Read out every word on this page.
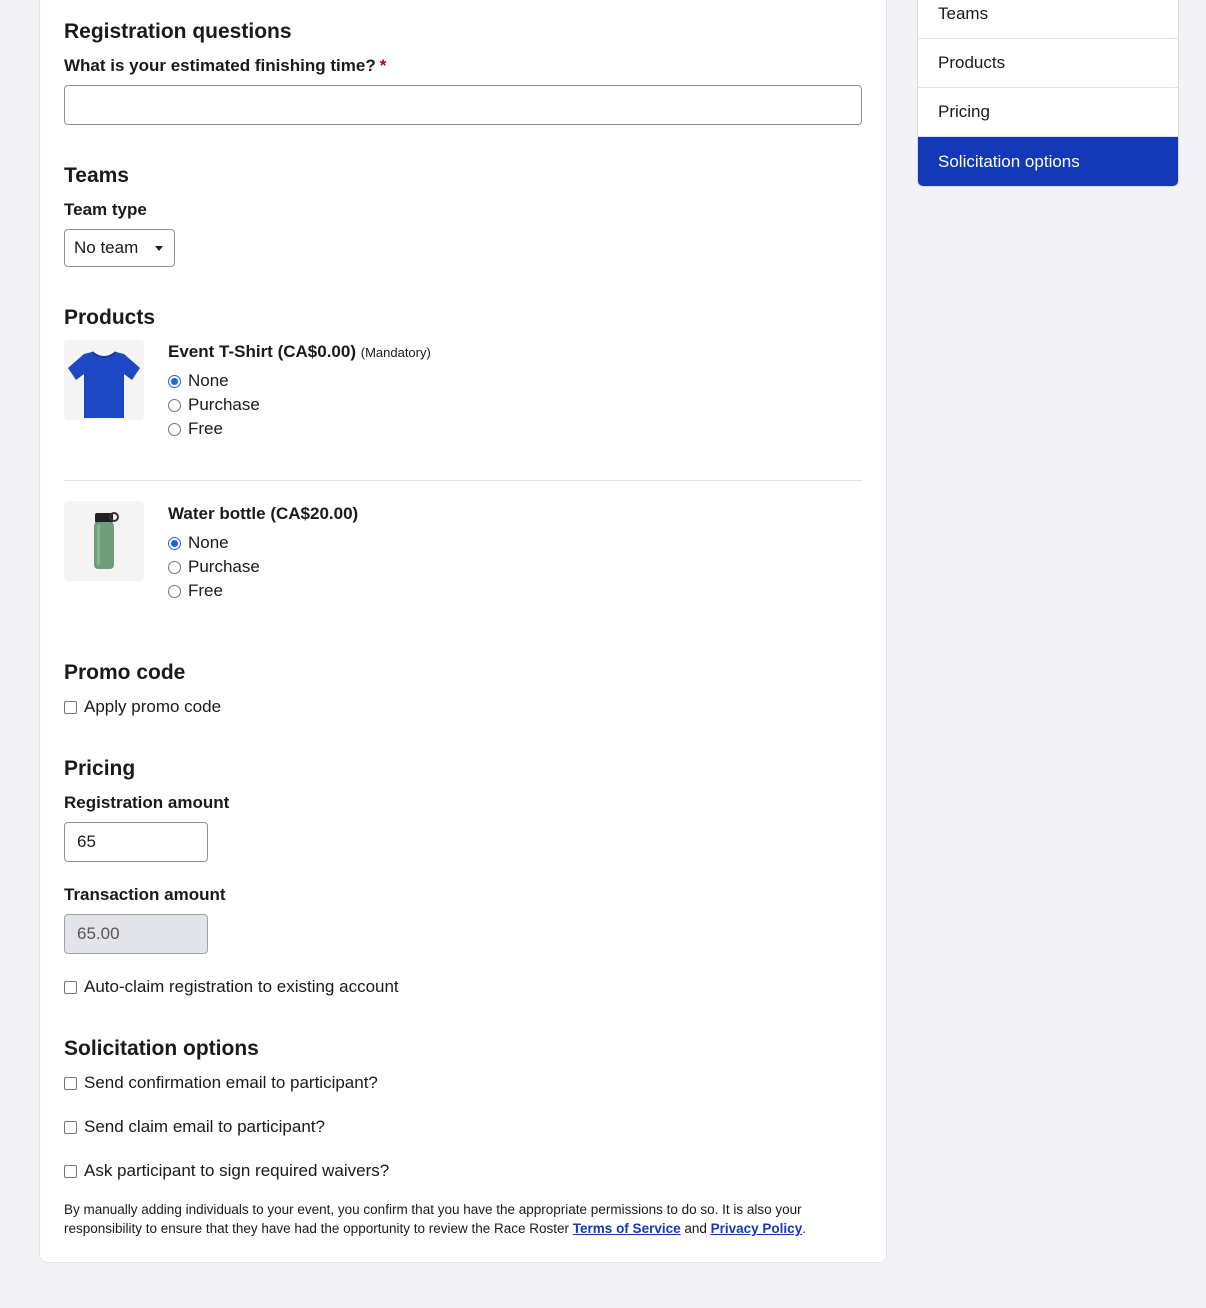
Registration questions
What is your estimated finishing time? *
Teams
Team type
No team
Products
Event T-Shirt (CA$0.00) (Mandatory)
None
Purchase
Free
Water bottle (CA$20.00)
None
Purchase
Free
Promo code
Apply promo code
Pricing
Registration amount
65
Transaction amount
65.00
Auto-claim registration to existing account
Solicitation options
Send confirmation email to participant?
Send claim email to participant?
Ask participant to sign required waivers?
By manually adding individuals to your event, you confirm that you have the appropriate permissions to do so. It is also your responsibility to ensure that they have had the opportunity to review the Race Roster Terms of Service and Privacy Policy.
Teams
Products
Pricing
Solicitation options
